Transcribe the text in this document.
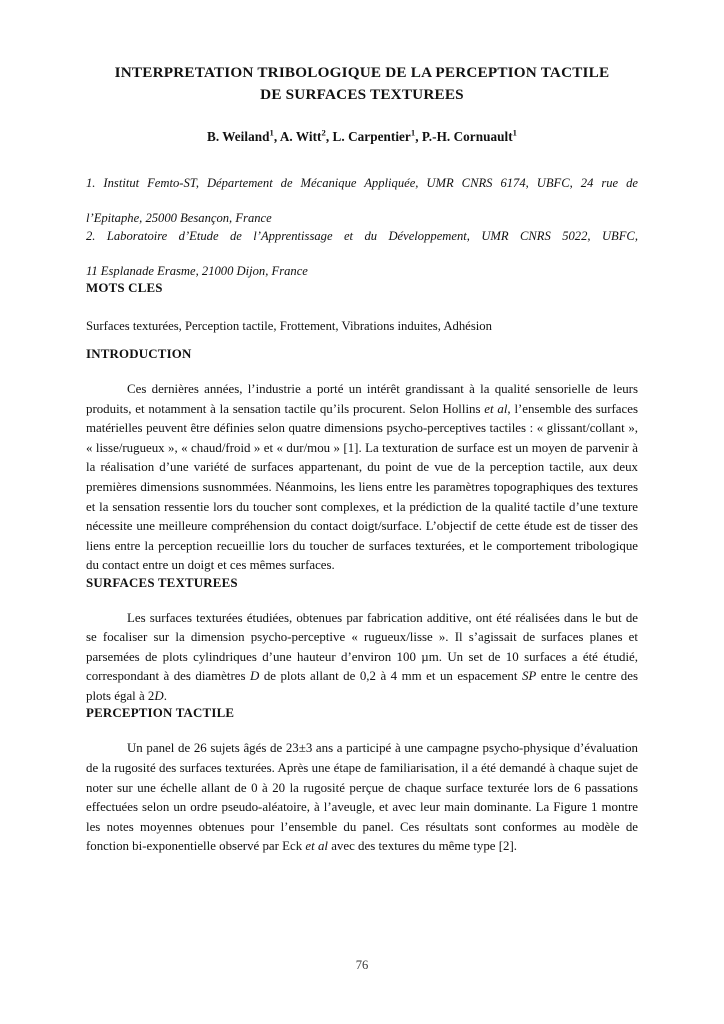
INTERPRETATION TRIBOLOGIQUE DE LA PERCEPTION TACTILE DE SURFACES TEXTUREES
B. Weiland$^1$, A. Witt$^2$, L. Carpentier$^1$, P.-H. Cornuault$^1$
1. Institut Femto-ST, Département de Mécanique Appliquée, UMR CNRS 6174, UBFC, 24 rue de
l’Epitaphe, 25000 Besançon, France
2. Laboratoire d’Etude de l’Apprentissage et du Développement, UMR CNRS 5022, UBFC,
11 Esplanade Erasme, 21000 Dijon, France
MOTS CLES

Surfaces texturées, Perception tactile, Frottement, Vibrations induites, Adhésion

INTRODUCTION

Ces dernières années, l’industrie a porté un intérêt grandissant à la qualité sensorielle de leurs produits, et notamment à la sensation tactile qu’ils procurent. Selon Hollins et al, l’ensemble des surfaces matérielles peuvent être définies selon quatre dimensions psycho-perceptives tactiles : « glissant/collant », « lisse/rugueux », « chaud/froid » et « dur/mou » [1]. La texturation de surface est un moyen de parvenir à la réalisation d’une variété de surfaces appartenant, du point de vue de la perception tactile, aux deux premières dimensions susnommées. Néanmoins, les liens entre les paramètres topographiques des textures et la sensation ressentie lors du toucher sont complexes, et la prédiction de la qualité tactile d’une texture nécessite une meilleure compréhension du contact doigt/surface. L’objectif de cette étude est de tisser des liens entre la perception recueillie lors du toucher de surfaces texturées, et le comportement tribologique du contact entre un doigt et ces mêmes surfaces.

SURFACES TEXTUREES

Les surfaces texturées étudiées, obtenues par fabrication additive, ont été réalisées dans le but de se focaliser sur la dimension psycho-perceptive « rugueux/lisse ». Il s’agissait de surfaces planes et parsemées de plots cylindriques d’une hauteur d’environ 100 µm. Un set de 10 surfaces a été étudié, correspondant à des diamètres D de plots allant de 0,2 à 4 mm et un espacement SP entre le centre des plots égal à 2D.

PERCEPTION TACTILE

Un panel de 26 sujets âgés de 23±3 ans a participé à une campagne psycho-physique d’évaluation de la rugosité des surfaces texturées. Après une étape de familiarisation, il a été demandé à chaque sujet de noter sur une échelle allant de 0 à 20 la rugosité perçue de chaque surface texturée lors de 6 passations effectuées selon un ordre pseudo-aléatoire, à l’aveugle, et avec leur main dominante. La Figure 1 montre les notes moyennes obtenues pour l’ensemble du panel. Ces résultats sont conformes au modèle de fonction bi-exponentielle observé par Eck et al avec des textures du même type [2].

76
